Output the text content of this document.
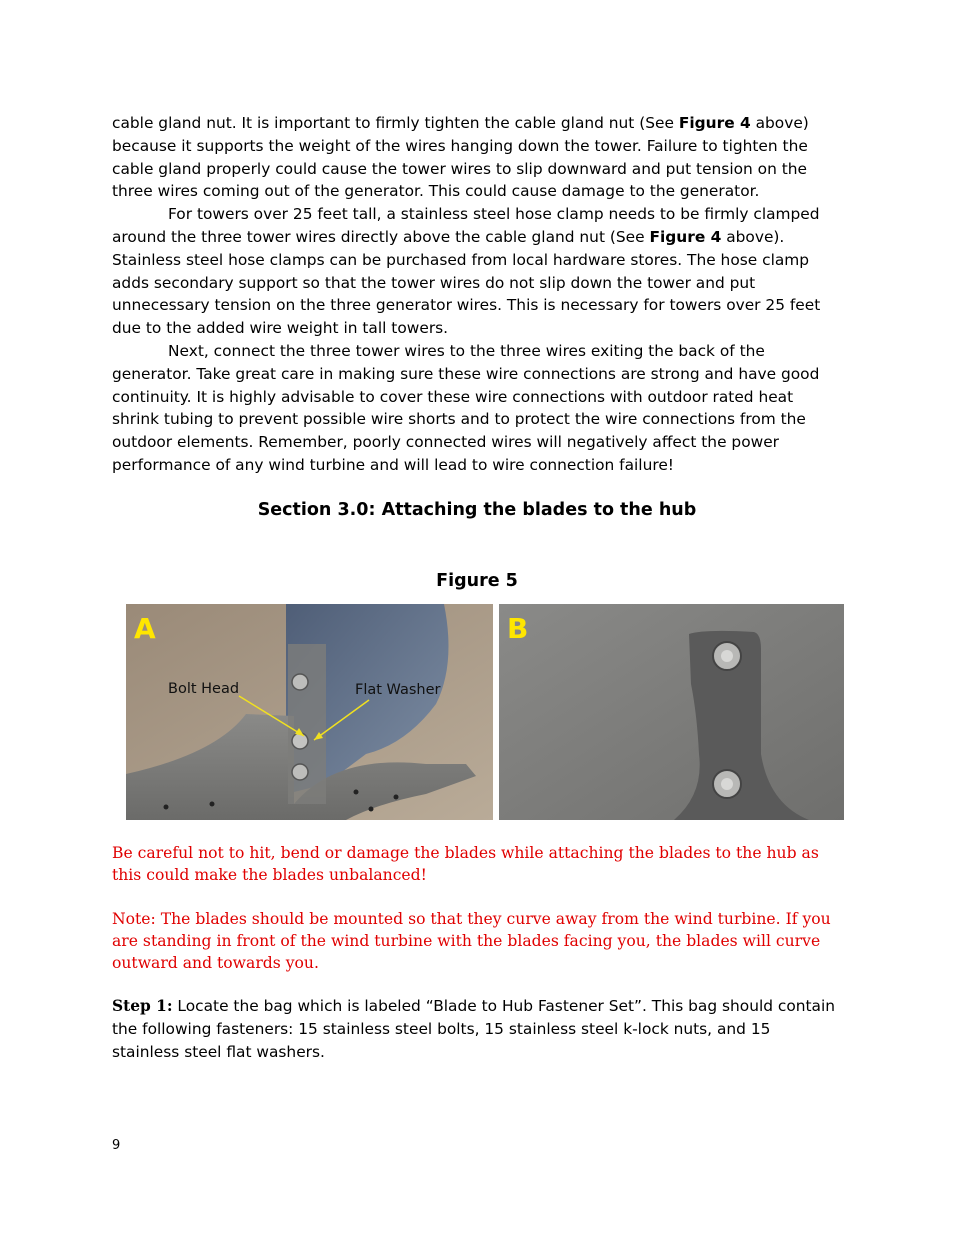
cable gland nut. It is important to firmly tighten the cable gland nut (See Figure 4 above) because it supports the weight of the wires hanging down the tower. Failure to tighten the cable gland properly could cause the tower wires to slip downward and put tension on the three wires coming out of the generator. This could cause damage to the generator.

For towers over 25 feet tall, a stainless steel hose clamp needs to be firmly clamped around the three tower wires directly above the cable gland nut (See Figure 4 above). Stainless steel hose clamps can be purchased from local hardware stores. The hose clamp adds secondary support so that the tower wires do not slip down the tower and put unnecessary tension on the three generator wires. This is necessary for towers over 25 feet due to the added wire weight in tall towers.

Next, connect the three tower wires to the three wires exiting the back of the generator. Take great care in making sure these wire connections are strong and have good continuity. It is highly advisable to cover these wire connections with outdoor rated heat shrink tubing to prevent possible wire shorts and to protect the wire connections from the outdoor elements. Remember, poorly connected wires will negatively affect the power performance of any wind turbine and will lead to wire connection failure!

Section 3.0: Attaching the blades to the hub
Figure 5
A
Bolt Head	Flat Washer
B

Be careful not to hit, bend or damage the blades while attaching the blades to the hub as this could make the blades unbalanced!

Note: The blades should be mounted so that they curve away from the wind turbine. If you are standing in front of the wind turbine with the blades facing you, the blades will curve outward and towards you.

Step 1: Locate the bag which is labeled “Blade to Hub Fastener Set”. This bag should contain the following fasteners: 15 stainless steel bolts, 15 stainless steel k-lock nuts, and 15 stainless steel flat washers.
9
